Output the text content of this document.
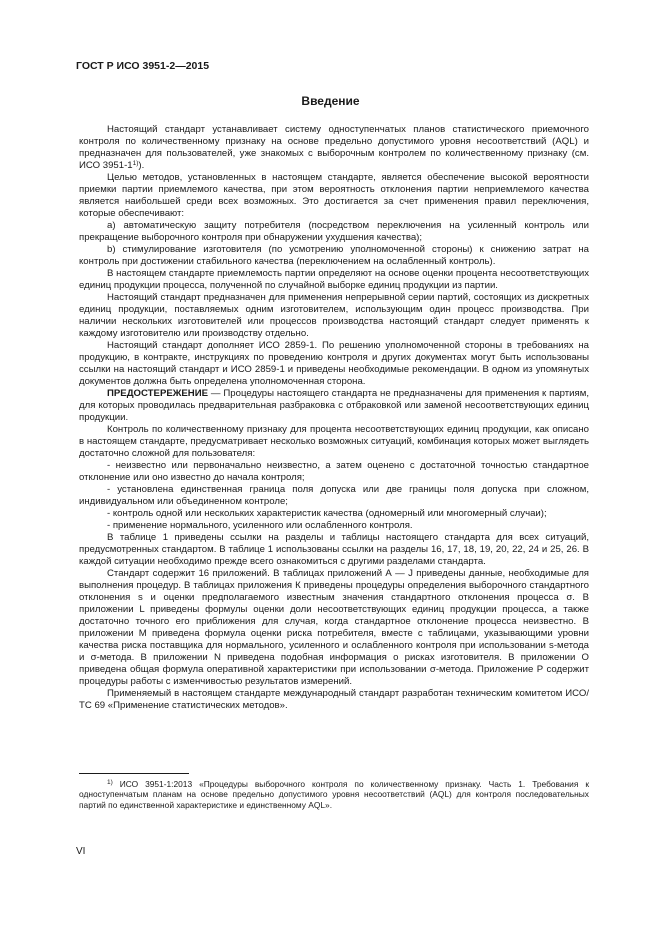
ГОСТ Р ИСО 3951-2—2015
Введение

Настоящий стандарт устанавливает систему одноступенчатых планов статистического приемочного контроля по количественному признаку на основе предельно допустимого уровня несоответствий (AQL) и предназначен для пользователей, уже знакомых с выборочным контролем по количественному признаку (см. ИСО 3951-1$^{1)}$).

Целью методов, установленных в настоящем стандарте, является обеспечение высокой вероятности приемки партии приемлемого качества, при этом вероятность отклонения партии неприемлемого качества является наибольшей среди всех возможных. Это достигается за счет применения правил переключения, которые обеспечивают:

а) автоматическую защиту потребителя (посредством переключения на усиленный контроль или прекращение выборочного контроля при обнаружении ухудшения качества);

b) стимулирование изготовителя (по усмотрению уполномоченной стороны) к снижению затрат на контроль при достижении стабильного качества (переключением на ослабленный контроль).

В настоящем стандарте приемлемость партии определяют на основе оценки процента несоответствующих единиц продукции процесса, полученной по случайной выборке единиц продукции из партии.

Настоящий стандарт предназначен для применения непрерывной серии партий, состоящих из дискретных единиц продукции, поставляемых одним изготовителем, использующим один процесс производства. При наличии нескольких изготовителей или процессов производства настоящий стандарт следует применять к каждому изготовителю или производству отдельно.

Настоящий стандарт дополняет ИСО 2859-1. По решению уполномоченной стороны в требованиях на продукцию, в контракте, инструкциях по проведению контроля и других документах могут быть использованы ссылки на настоящий стандарт и ИСО 2859-1 и приведены необходимые рекомендации. В одном из упомянутых документов должна быть определена уполномоченная сторона.

ПРЕДОСТЕРЕЖЕНИЕ — Процедуры настоящего стандарта не предназначены для применения к партиям, для которых проводилась предварительная разбраковка с отбраковкой или заменой несоответствующих единиц продукции.

Контроль по количественному признаку для процента несоответствующих единиц продукции, как описано в настоящем стандарте, предусматривает несколько возможных ситуаций, комбинация которых может выглядеть достаточно сложной для пользователя:

- неизвестно или первоначально неизвестно, а затем оценено с достаточной точностью стандартное отклонение или оно известно до начала контроля;

- установлена единственная граница поля допуска или две границы поля допуска при сложном, индивидуальном или объединенном контроле;

- контроль одной или нескольких характеристик качества (одномерный или многомерный случаи);

- применение нормального, усиленного или ослабленного контроля.

В таблице 1 приведены ссылки на разделы и таблицы настоящего стандарта для всех ситуаций, предусмотренных стандартом. В таблице 1 использованы ссылки на разделы 16, 17, 18, 19, 20, 22, 24 и 25, 26. В каждой ситуации необходимо прежде всего ознакомиться с другими разделами стандарта.

Стандарт содержит 16 приложений. В таблицах приложений А — J приведены данные, необходимые для выполнения процедур. В таблицах приложения К приведены процедуры определения выборочного стандартного отклонения s и оценки предполагаемого известным значения стандартного отклонения процесса σ. В приложении L приведены формулы оценки доли несоответствующих единиц продукции процесса, а также достаточно точного его приближения для случая, когда стандартное отклонение процесса неизвестно. В приложении М приведена формула оценки риска потребителя, вместе с таблицами, указывающими уровни качества риска поставщика для нормального, усиленного и ослабленного контроля при использовании s-метода и σ-метода. В приложении N приведена подобная информация о рисках изготовителя. В приложении О приведена общая формула оперативной характеристики при использовании σ-метода. Приложение Р содержит процедуры работы с изменчивостью результатов измерений.

Применяемый в настоящем стандарте международный стандарт разработан техническим комитетом ИСО/ТС 69 «Применение статистических методов».

$^{1)}$ ИСО 3951-1:2013 «Процедуры выборочного контроля по количественному признаку. Часть 1. Требования к одноступенчатым планам на основе предельно допустимого уровня несоответствий (AQL) для контроля последовательных партий по единственной характеристике и единственному AQL».

VI
